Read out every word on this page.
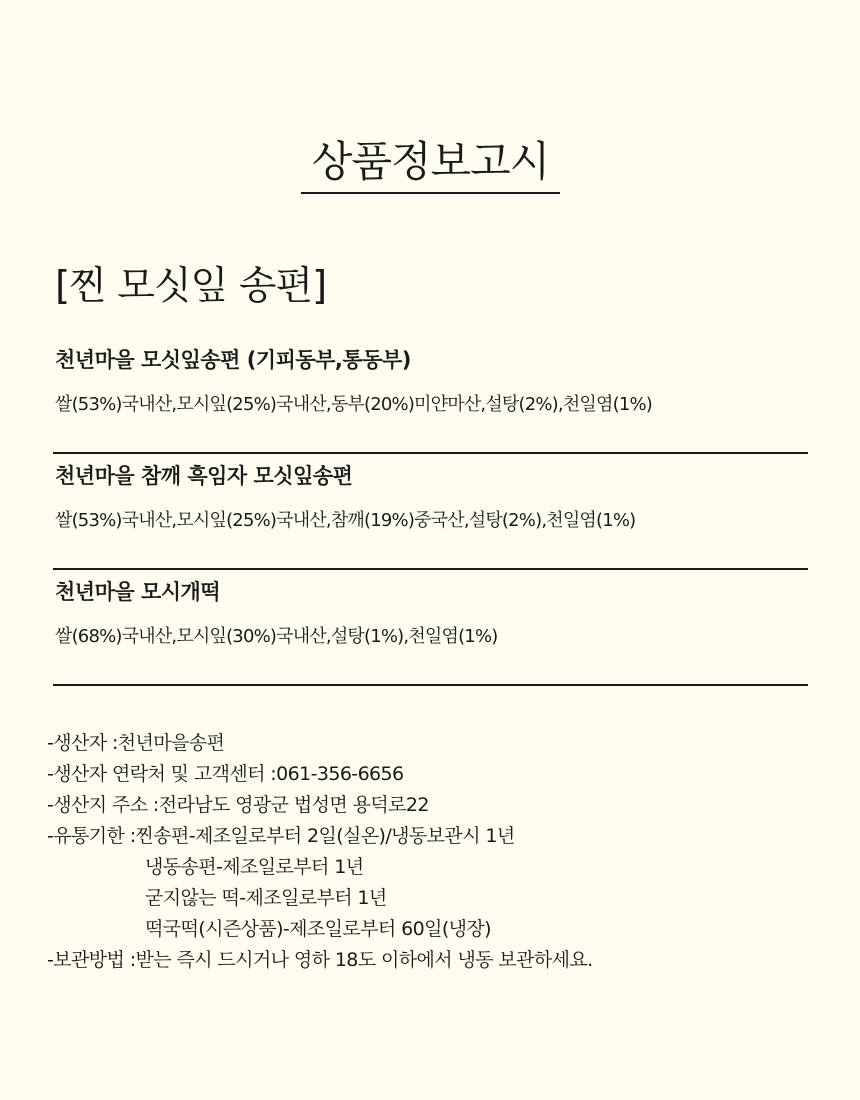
상품정보고시
[찐 모싯잎 송편]
천년마을 모싯잎송편 (기피동부,통동부)
쌀(53%)국내산,모시잎(25%)국내산,동부(20%)미얀마산,설탕(2%),천일염(1%)
천년마을 참깨 흑임자 모싯잎송편
쌀(53%)국내산,모시잎(25%)국내산,참깨(19%)중국산,설탕(2%),천일염(1%)
천년마을 모시개떡
쌀(68%)국내산,모시잎(30%)국내산,설탕(1%),천일염(1%)
-생산자 : 천년마을송편
-생산자 연락처 및 고객센터 : 061-356-6656
-생산지 주소 : 전라남도 영광군 법성면 용덕로22
-유통기한 : 찐송편-제조일로부터 2일(실온)/냉동보관시 1년
냉동송편-제조일로부터 1년
굳지않는 떡-제조일로부터 1년
떡국떡(시즌상품)-제조일로부터 60일(냉장)
-보관방법 : 받는 즉시 드시거나 영하 18도 이하에서 냉동 보관하세요.
